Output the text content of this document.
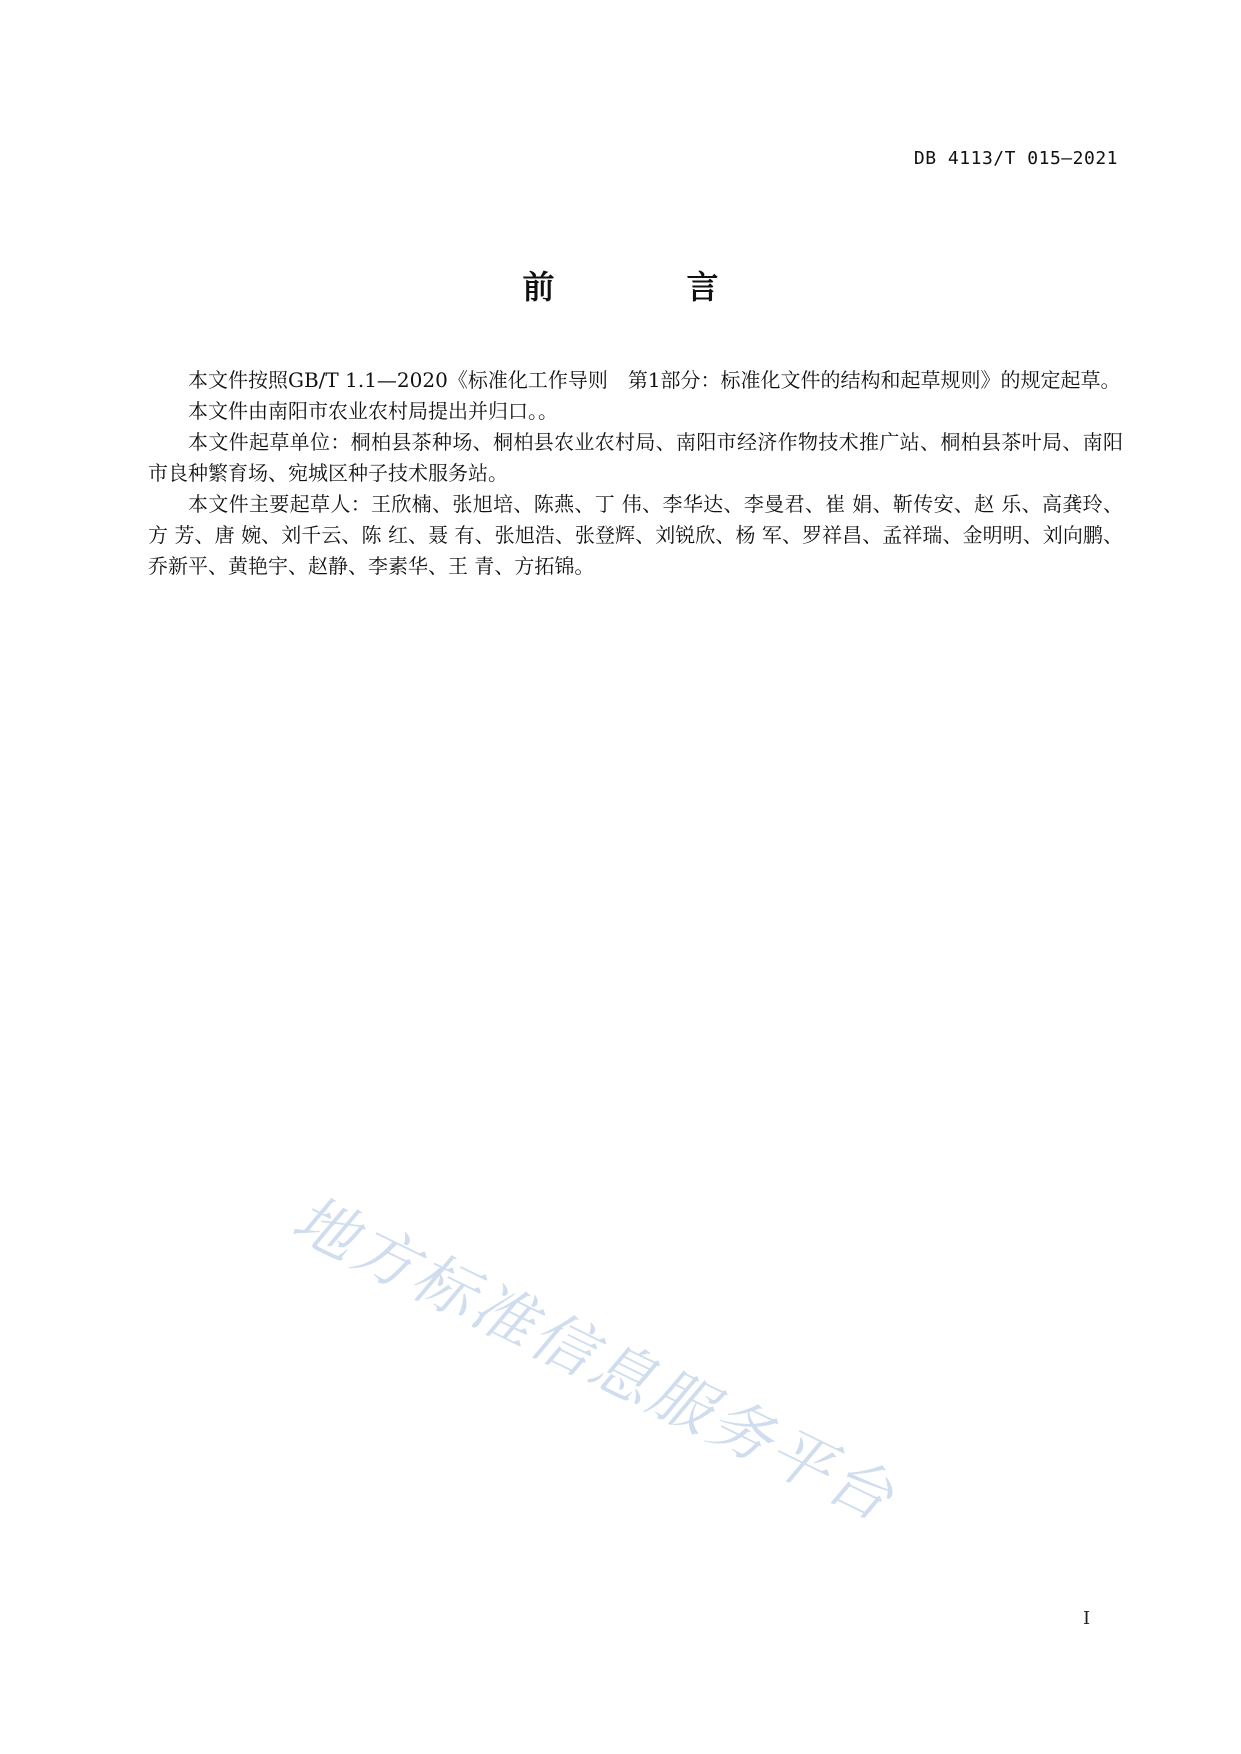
DB 4113/T 015—2021
前　言

本文件按照GB/T 1.1—2020《标准化工作导则　第1部分：标准化文件的结构和起草规则》的规定起草。

本文件由南阳市农业农村局提出并归口。。

本文件起草单位：桐柏县茶种场、桐柏县农业农村局、南阳市经济作物技术推广站、桐柏县茶叶局、南阳市良种繁育场、宛城区种子技术服务站。

本文件主要起草人：王欣楠、张旭培、陈燕、丁 伟、李华达、李曼君、崔 娟、靳传安、赵 乐、高龚玲、方 芳、唐 婉、刘千云、陈 红、聂 有、张旭浩、张登辉、刘锐欣、杨 军、罗祥昌、孟祥瑞、金明明、刘向鹏、乔新平、黄艳宇、赵静、李素华、王 青、方拓锦。

地方标准信息服务平台
I
